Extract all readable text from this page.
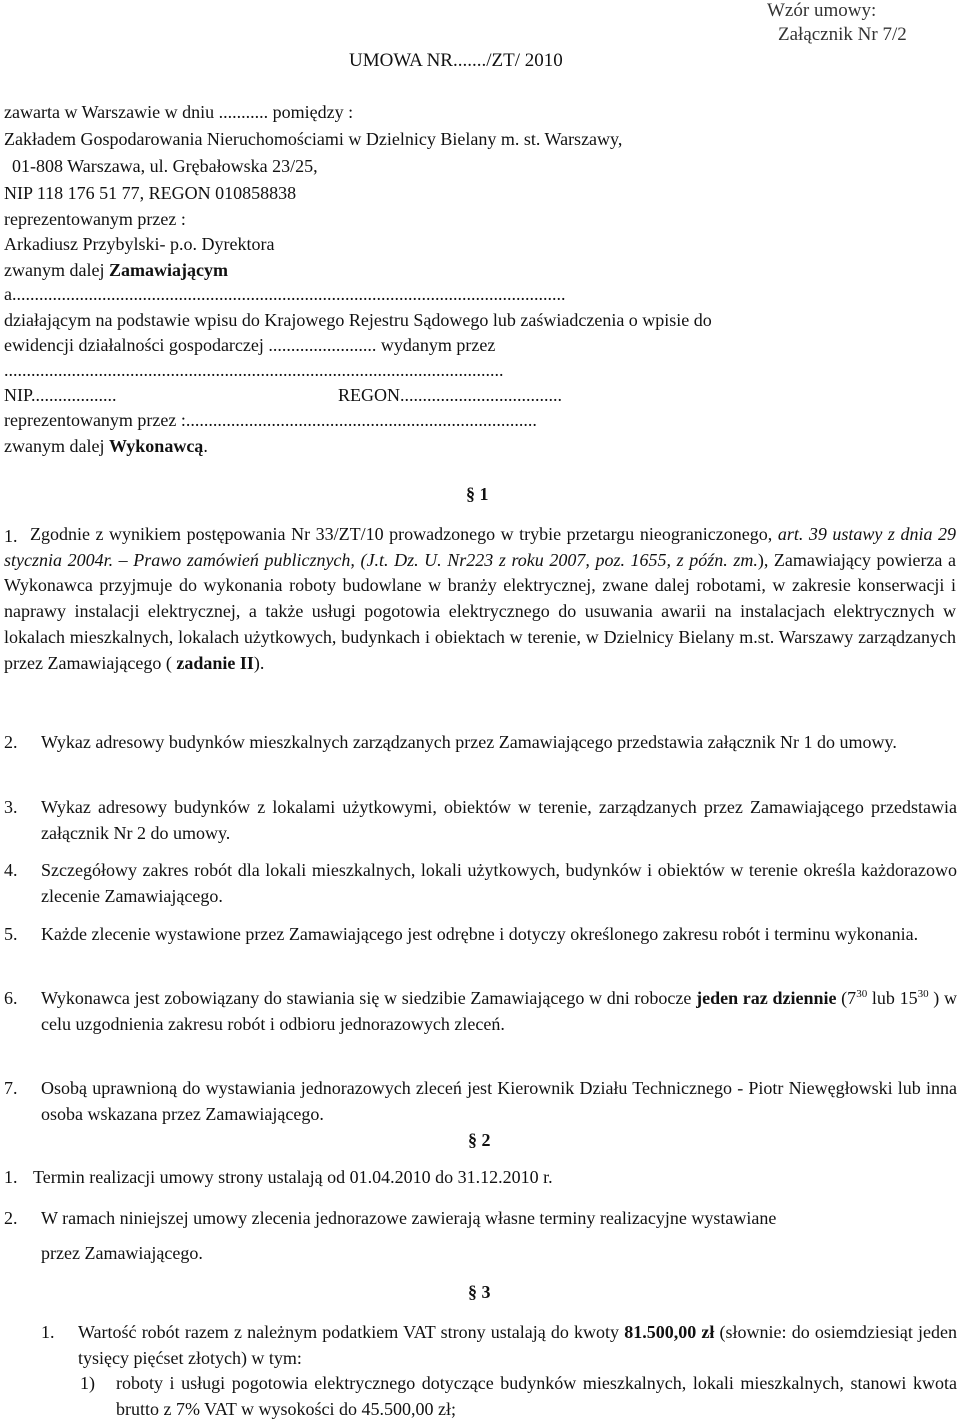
Wzór umowy:
Załącznik Nr 7/2
UMOWA NR......./ZT/ 2010
zawarta w Warszawie w dniu ........... pomiędzy :
Zakładem Gospodarowania Nieruchomościami w Dzielnicy Bielany m. st. Warszawy,
01-808 Warszawa, ul. Grębałowska 23/25,
NIP 118 176 51 77, REGON 010858838
reprezentowanym przez :
Arkadiusz Przybylski- p.o. Dyrektora
zwanym dalej Zamawiającym
a...........................................................................................................................
działającym na podstawie wpisu do Krajowego Rejestru Sądowego lub zaświadczenia o wpisie do
ewidencji działalności gospodarczej ........................ wydanym przez
...............................................................................................................
NIP...................	REGON....................................
reprezentowanym przez :..............................................................................
zwanym dalej Wykonawcą.
§ 1
1. Zgodnie z wynikiem postępowania Nr 33/ZT/10 prowadzonego w trybie przetargu nieograniczonego, art. 39 ustawy z dnia 29 stycznia 2004r. – Prawo zamówień publicznych, (J.t. Dz. U. Nr223 z roku 2007, poz. 1655, z późn. zm.), Zamawiający powierza a Wykonawca przyjmuje do wykonania roboty budowlane w branży elektrycznej, zwane dalej robotami, w zakresie konserwacji i naprawy instalacji elektrycznej, a także usługi pogotowia elektrycznego do usuwania awarii na instalacjach elektrycznych w lokalach mieszkalnych, lokalach użytkowych, budynkach i obiektach w terenie, w Dzielnicy Bielany m.st. Warszawy zarządzanych przez Zamawiającego ( zadanie II).
2. Wykaz adresowy budynków mieszkalnych zarządzanych przez Zamawiającego przedstawia załącznik Nr 1 do umowy.
3. Wykaz adresowy budynków z lokalami użytkowymi, obiektów w terenie, zarządzanych przez Zamawiającego przedstawia załącznik Nr 2 do umowy.
4. Szczegółowy zakres robót dla lokali mieszkalnych, lokali użytkowych, budynków i obiektów w terenie określa każdorazowo zlecenie Zamawiającego.
5. Każde zlecenie wystawione przez Zamawiającego jest odrębne i dotyczy określonego zakresu robót i terminu wykonania.
6. Wykonawca jest zobowiązany do stawiania się w siedzibie Zamawiającego w dni robocze jeden raz dziennie ($7^{30}$ lub $15^{30}$ ) w celu uzgodnienia zakresu robót i odbioru jednorazowych zleceń.
7. Osobą uprawnioną do wystawiania jednorazowych zleceń jest Kierownik Działu Technicznego - Piotr Niewęgłowski lub inna osoba wskazana przez Zamawiającego.
§ 2
1. Termin realizacji umowy strony ustalają od 01.04.2010 do 31.12.2010 r.
2. W ramach niniejszej umowy zlecenia jednorazowe zawierają własne terminy realizacyjne wystawiane
przez Zamawiającego.
§ 3
1. Wartość robót razem z należnym podatkiem VAT strony ustalają do kwoty 81.500,00 zł (słownie: do osiemdziesiąt jeden tysięcy pięćset złotych) w tym:
1) roboty i usługi pogotowia elektrycznego dotyczące budynków mieszkalnych, lokali mieszkalnych, stanowi kwota brutto z 7% VAT w wysokości do 45.500,00 zł;
